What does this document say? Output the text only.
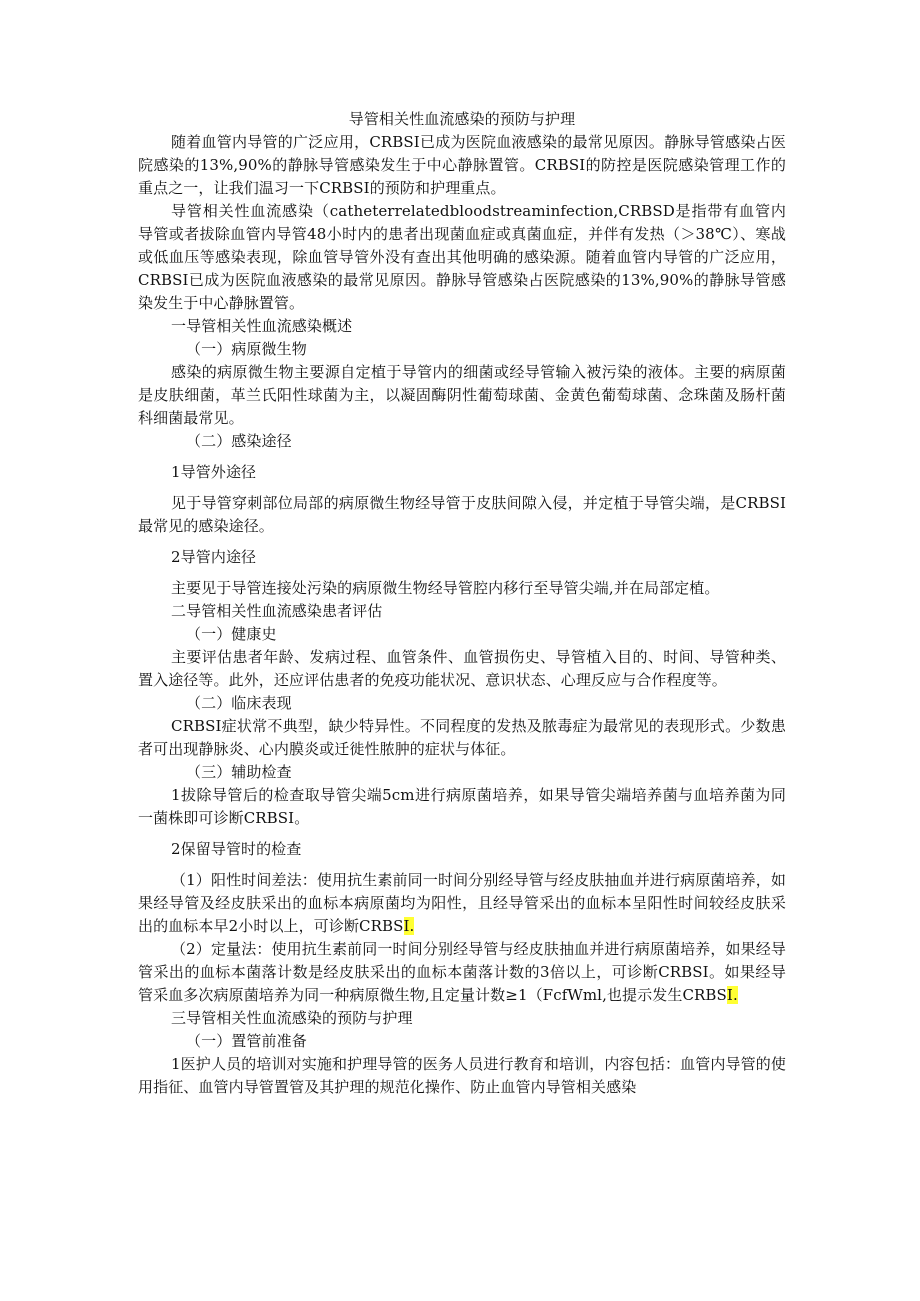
导管相关性血流感染的预防与护理

随着血管内导管的广泛应用，CRBSI已成为医院血液感染的最常见原因。静脉导管感染占医院感染的13%,90%的静脉导管感染发生于中心静脉置管。CRBSI的防控是医院感染管理工作的重点之一，让我们温习一下CRBSI的预防和护理重点。

导管相关性血流感染（catheterrelatedbloodstreaminfection,CRBSD是指带有血管内导管或者拔除血管内导管48小时内的患者出现菌血症或真菌血症，并伴有发热（＞38℃）、寒战或低血压等感染表现，除血管导管外没有查出其他明确的感染源。随着血管内导管的广泛应用，CRBSI已成为医院血液感染的最常见原因。静脉导管感染占医院感染的13%,90%的静脉导管感染发生于中心静脉置管。

一导管相关性血流感染概述

（一）病原微生物

感染的病原微生物主要源自定植于导管内的细菌或经导管输入被污染的液体。主要的病原菌是皮肤细菌，革兰氏阳性球菌为主，以凝固酶阴性葡萄球菌、金黄色葡萄球菌、念珠菌及肠杆菌科细菌最常见。

（二）感染途径

1导管外途径

见于导管穿刺部位局部的病原微生物经导管于皮肤间隙入侵，并定植于导管尖端，是CRBSI最常见的感染途径。

2导管内途径

主要见于导管连接处污染的病原微生物经导管腔内移行至导管尖端,并在局部定植。

二导管相关性血流感染患者评估

（一）健康史

主要评估患者年龄、发病过程、血管条件、血管损伤史、导管植入目的、时间、导管种类、置入途径等。此外，还应评估患者的免疫功能状况、意识状态、心理反应与合作程度等。

（二）临床表现

CRBSI症状常不典型，缺少特异性。不同程度的发热及脓毒症为最常见的表现形式。少数患者可出现静脉炎、心内膜炎或迁徙性脓肿的症状与体征。

（三）辅助检查

1拔除导管后的检查取导管尖端5cm进行病原菌培养，如果导管尖端培养菌与血培养菌为同一菌株即可诊断CRBSI。

2保留导管时的检查

（1）阳性时间差法：使用抗生素前同一时间分别经导管与经皮肤抽血并进行病原菌培养，如果经导管及经皮肤采出的血标本病原菌均为阳性，且经导管采出的血标本呈阳性时间较经皮肤采出的血标本早2小时以上，可诊断CRBSI.

（2）定量法：使用抗生素前同一时间分别经导管与经皮肤抽血并进行病原菌培养，如果经导管采出的血标本菌落计数是经皮肤采出的血标本菌落计数的3倍以上，可诊断CRBSI。如果经导管采血多次病原菌培养为同一种病原微生物,且定量计数≥1（FcfWml,也提示发生CRBSI.

三导管相关性血流感染的预防与护理

（一）置管前准备

1医护人员的培训对实施和护理导管的医务人员进行教育和培训，内容包括：血管内导管的使用指征、血管内导管置管及其护理的规范化操作、防止血管内导管相关感染
